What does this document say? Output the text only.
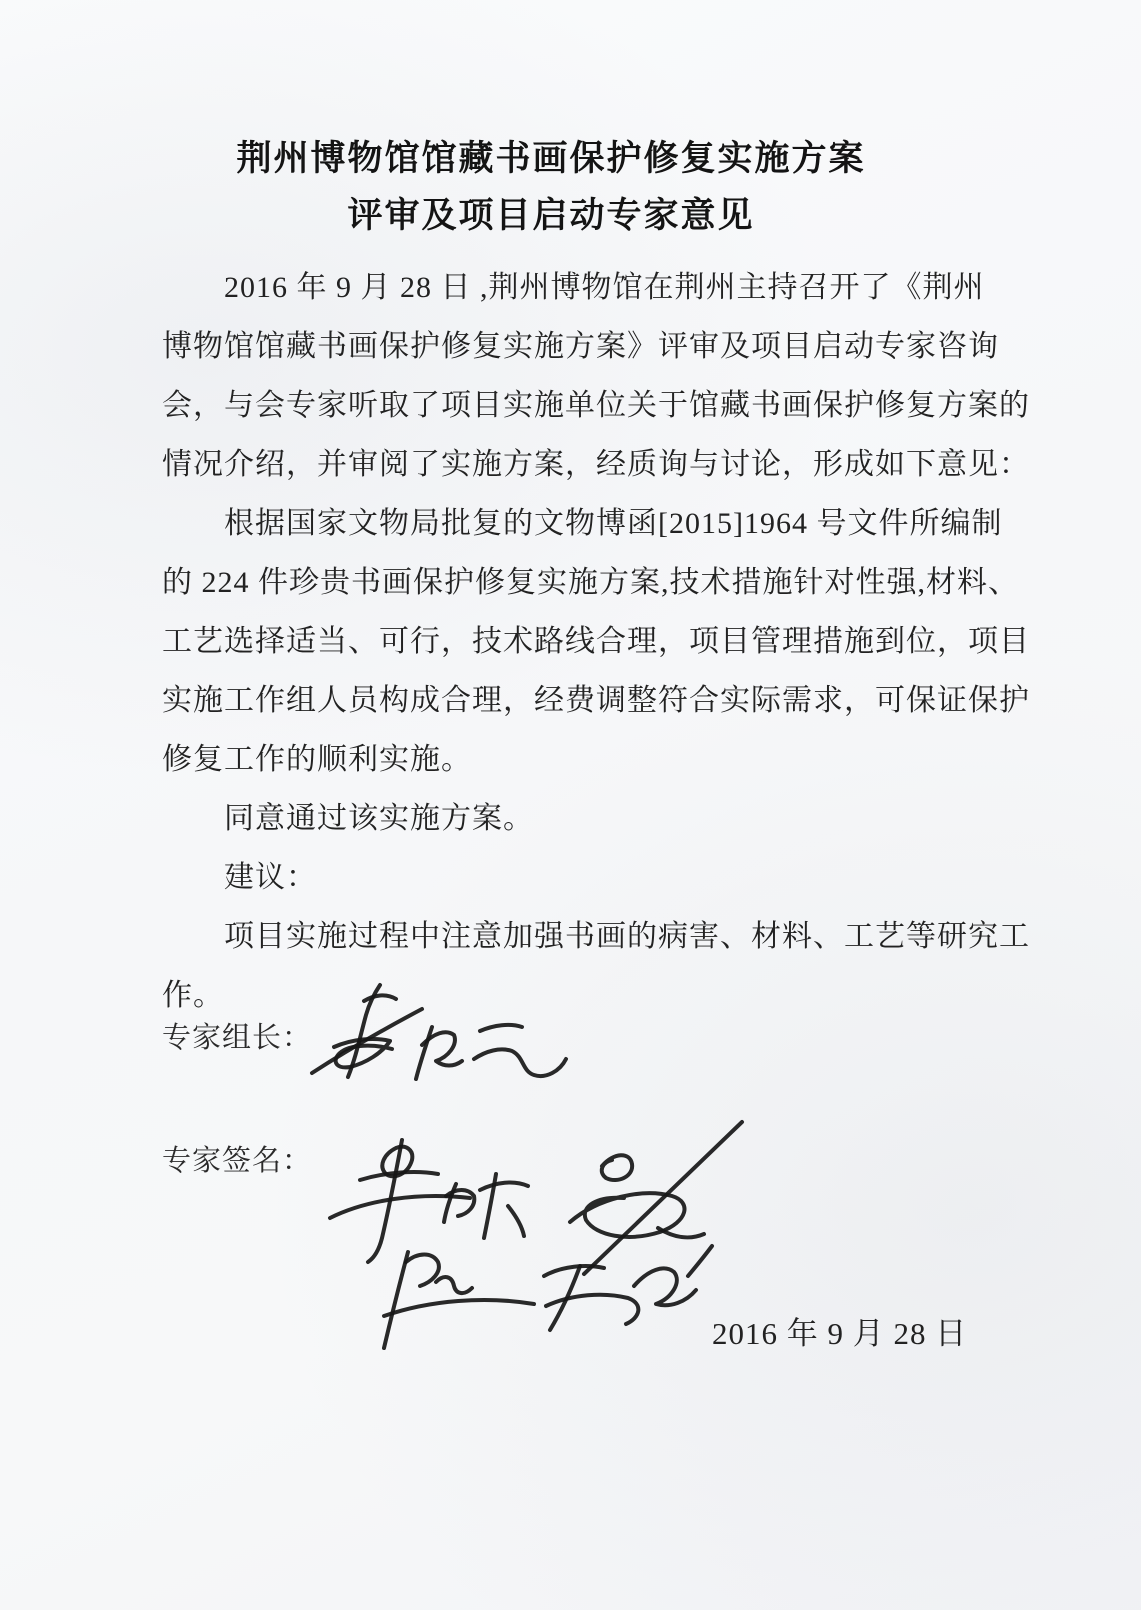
荆州博物馆馆藏书画保护修复实施方案
评审及项目启动专家意见
　　2016 年 9 月 28 日 ,荆州博物馆在荆州主持召开了《荆州
博物馆馆藏书画保护修复实施方案》评审及项目启动专家咨询
会，与会专家听取了项目实施单位关于馆藏书画保护修复方案的
情况介绍，并审阅了实施方案，经质询与讨论，形成如下意见：
　　根据国家文物局批复的文物博函[2015]1964 号文件所编制
的 224 件珍贵书画保护修复实施方案,技术措施针对性强,材料、
工艺选择适当、可行，技术路线合理，项目管理措施到位，项目
实施工作组人员构成合理，经费调整符合实际需求，可保证保护
修复工作的顺利实施。
　　同意通过该实施方案。
　　建议：
　　项目实施过程中注意加强书画的病害、材料、工艺等研究工
作。
专家组长：
专家签名：
2016 年 9 月 28 日
